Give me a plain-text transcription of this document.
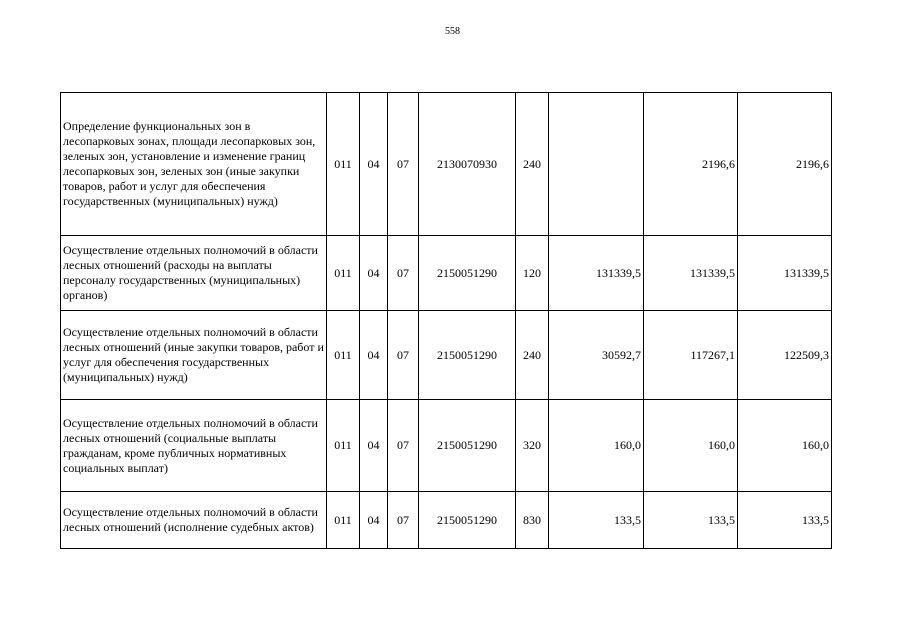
558
Определение функциональных зон в лесопарковых зонах, площади лесопарковых зон, зеленых зон, установление и изменение границ лесопарковых зон, зеленых зон (иные закупки товаров, работ и услуг для обеспечения государственных (муниципальных) нужд)	011	04	07	2130070930	240		2196,6	2196,6
Осуществление отдельных полномочий в области лесных отношений (расходы на выплаты персоналу государственных (муниципальных) органов)	011	04	07	2150051290	120	131339,5	131339,5	131339,5
Осуществление отдельных полномочий в области лесных отношений (иные закупки товаров, работ и услуг для обеспечения государственных (муниципальных) нужд)	011	04	07	2150051290	240	30592,7	117267,1	122509,3
Осуществление отдельных полномочий в области лесных отношений (социальные выплаты гражданам, кроме публичных нормативных социальных выплат)	011	04	07	2150051290	320	160,0	160,0	160,0
Осуществление отдельных полномочий в области лесных отношений (исполнение судебных актов)	011	04	07	2150051290	830	133,5	133,5	133,5
